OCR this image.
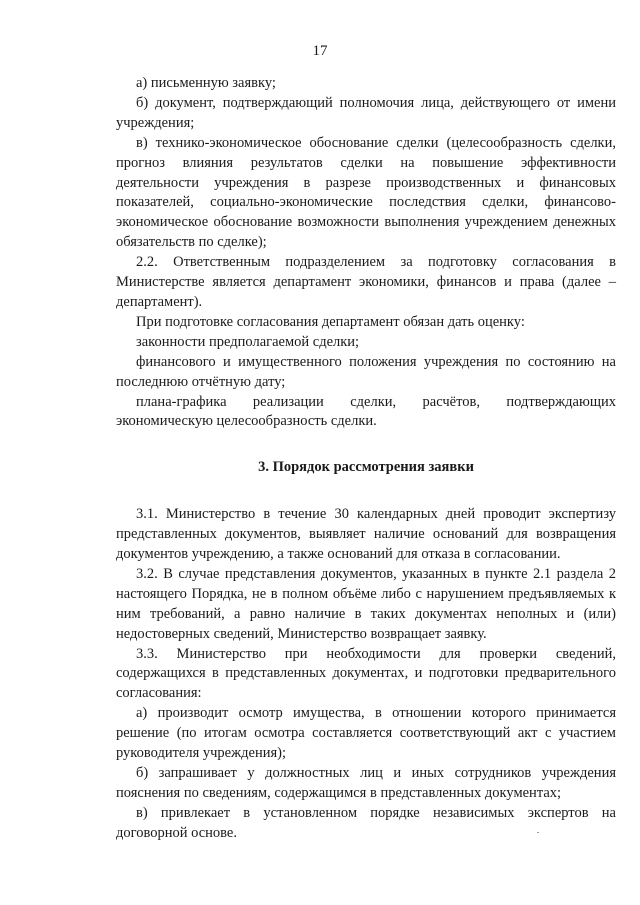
17

а) письменную заявку;

б) документ, подтверждающий полномочия лица, действующего от имени учреждения;

в) технико-экономическое обоснование сделки (целесообразность сделки, прогноз влияния результатов сделки на повышение эффективности деятельности учреждения в разрезе производственных и финансовых показателей, социально-экономические последствия сделки, финансово-экономическое обоснование возможности выполнения учреждением денежных обязательств по сделке);

2.2. Ответственным подразделением за подготовку согласования в Министерстве является департамент экономики, финансов и права (далее – департамент).

При подготовке согласования департамент обязан дать оценку:

законности предполагаемой сделки;

финансового и имущественного положения учреждения по состоянию на последнюю отчётную дату;

плана-графика реализации сделки, расчётов, подтверждающих экономическую целесообразность сделки.

3. Порядок рассмотрения заявки

3.1. Министерство в течение 30 календарных дней проводит экспертизу представленных документов, выявляет наличие оснований для возвращения документов учреждению, а также оснований для отказа в согласовании.

3.2. В случае представления документов, указанных в пункте 2.1 раздела 2 настоящего Порядка, не в полном объёме либо с нарушением предъявляемых к ним требований, а равно наличие в таких документах неполных и (или) недостоверных сведений, Министерство возвращает заявку.

3.3. Министерство при необходимости для проверки сведений, содержащихся в представленных документах, и подготовки предварительного согласования:

а) производит осмотр имущества, в отношении которого принимается решение (по итогам осмотра составляется соответствующий акт с участием руководителя учреждения);

б) запрашивает у должностных лиц и иных сотрудников учреждения пояснения по сведениям, содержащимся в представленных документах;

в) привлекает в установленном порядке независимых экспертов на договорной основе.
